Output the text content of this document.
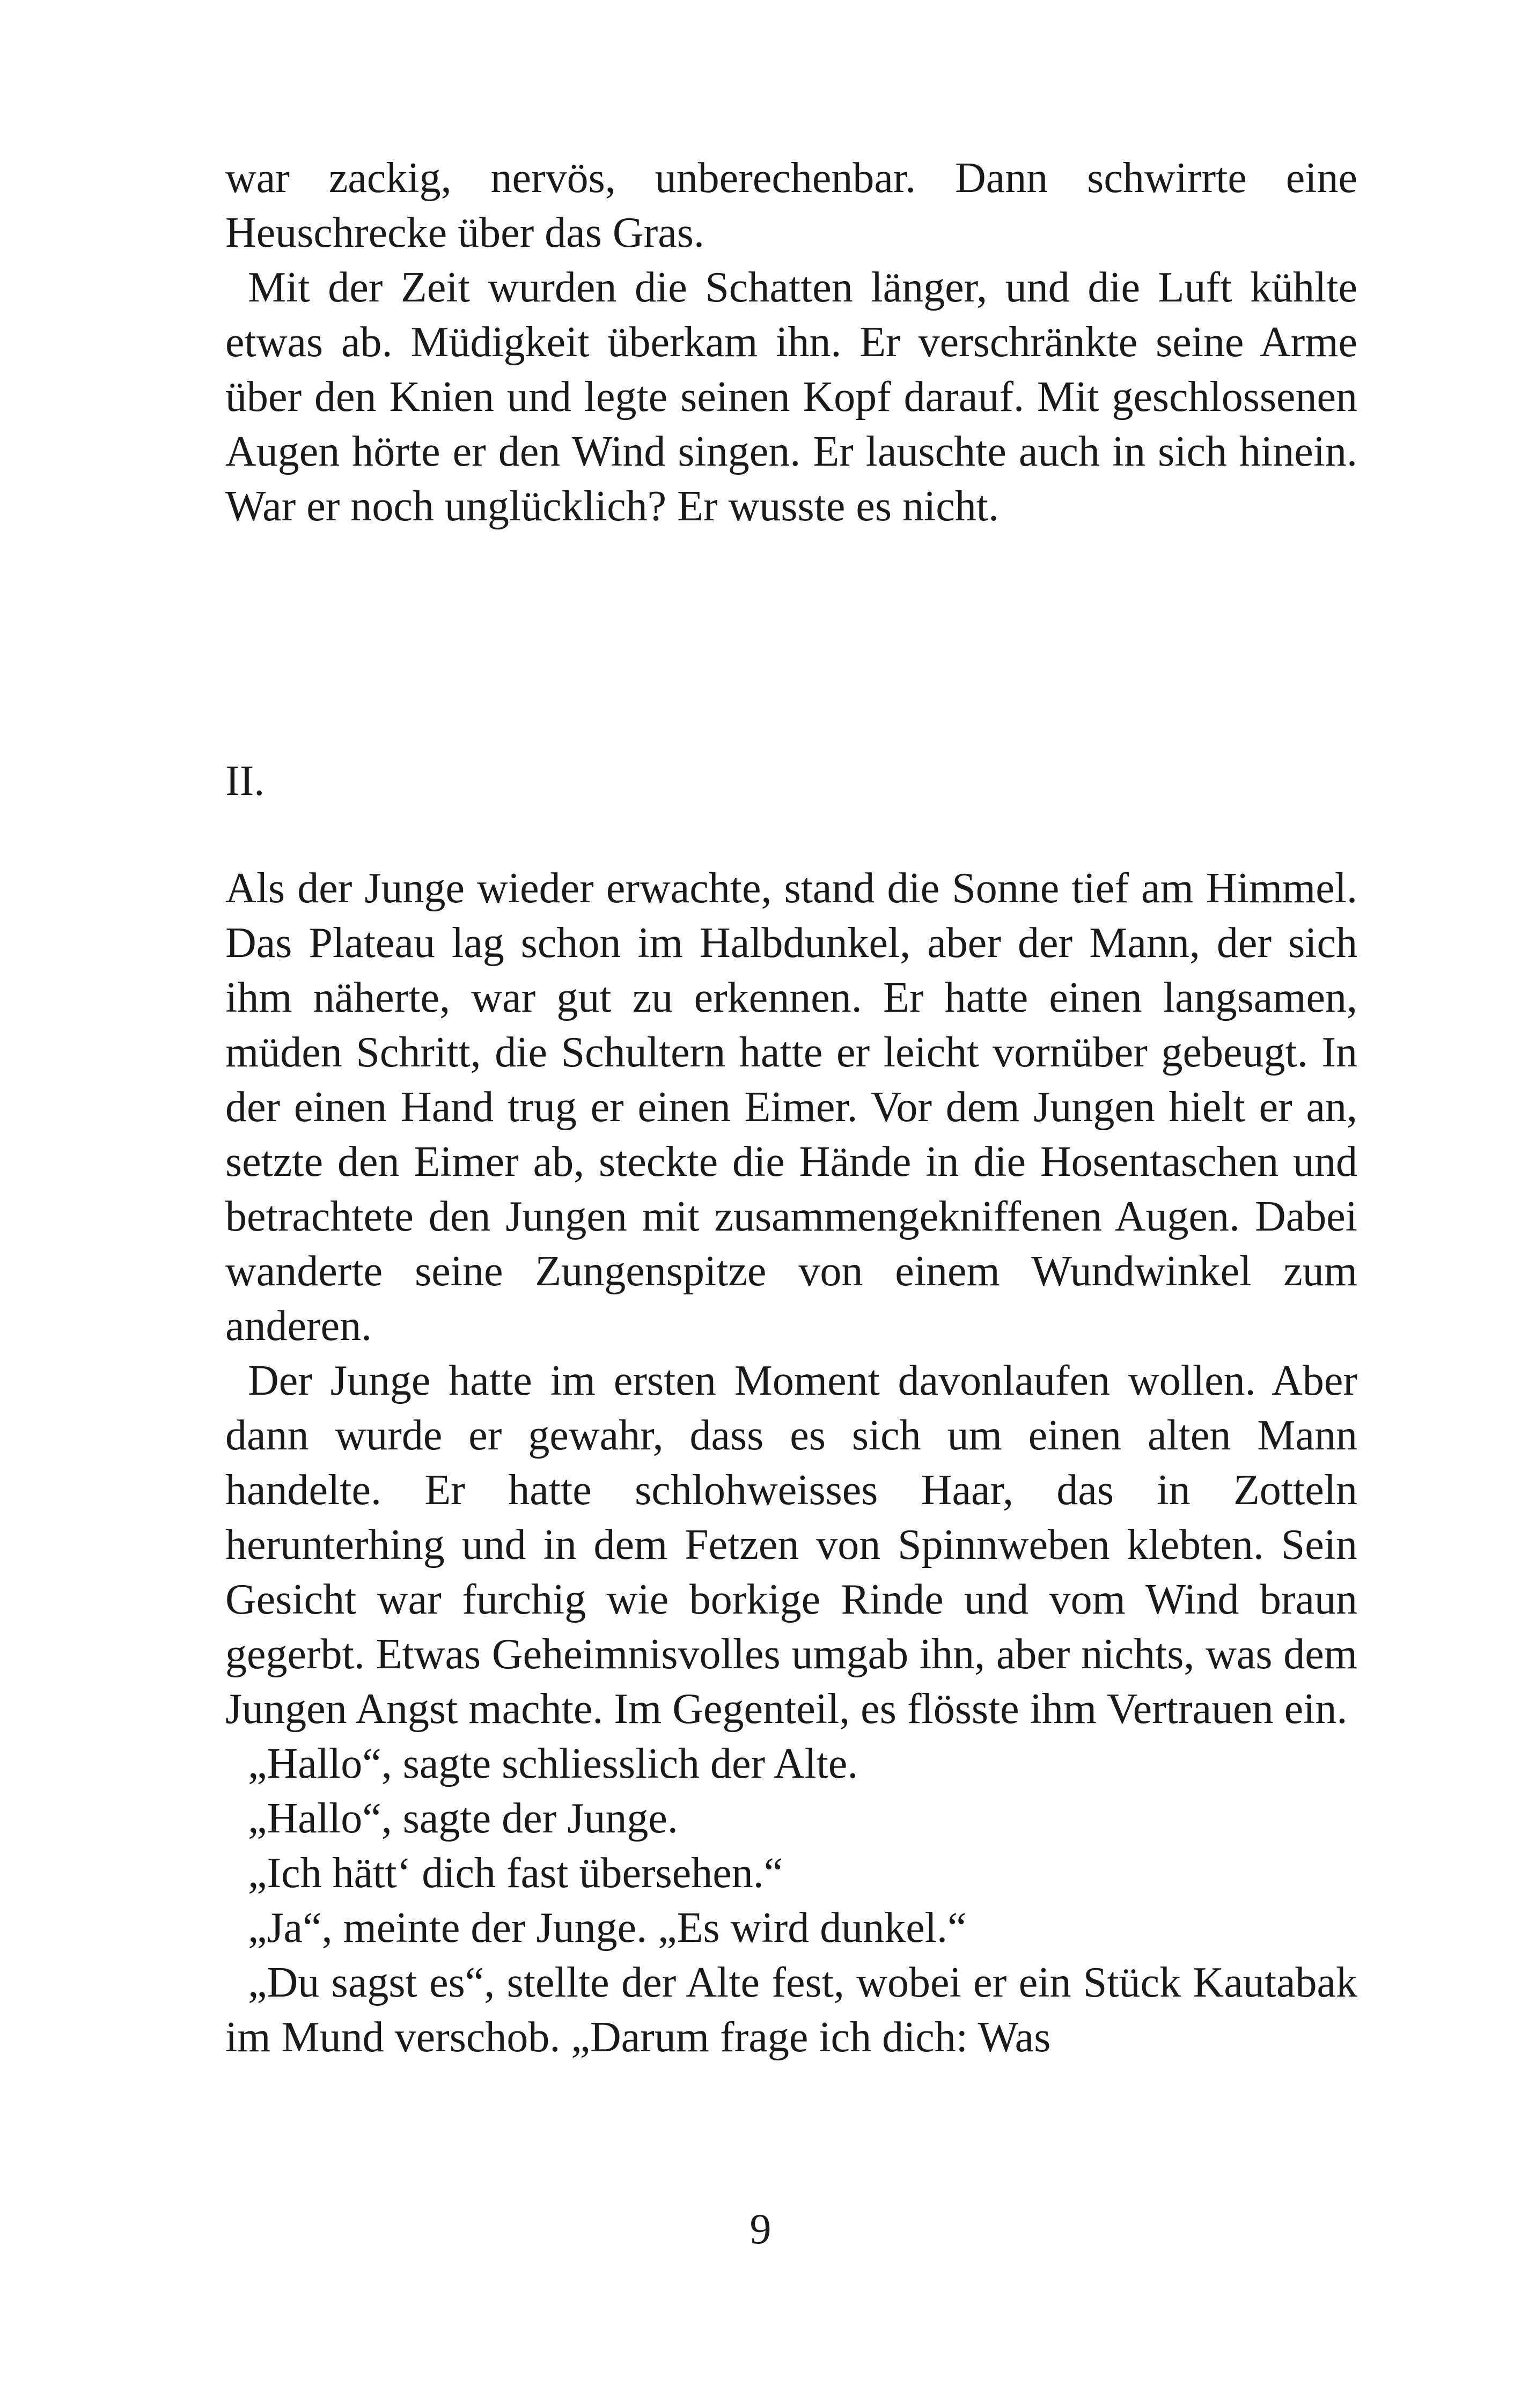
war zackig, nervös, unberechenbar. Dann schwirrte eine Heuschrecke über das Gras.

Mit der Zeit wurden die Schatten länger, und die Luft kühlte etwas ab. Müdigkeit überkam ihn. Er verschränkte seine Arme über den Knien und legte seinen Kopf darauf. Mit geschlossenen Augen hörte er den Wind singen. Er lauschte auch in sich hinein. War er noch unglücklich? Er wusste es nicht.

II.

Als der Junge wieder erwachte, stand die Sonne tief am Himmel. Das Plateau lag schon im Halbdunkel, aber der Mann, der sich ihm näherte, war gut zu erkennen. Er hatte einen langsamen, müden Schritt, die Schultern hatte er leicht vornüber gebeugt. In der einen Hand trug er einen Eimer. Vor dem Jungen hielt er an, setzte den Eimer ab, steckte die Hände in die Hosentaschen und betrachtete den Jungen mit zusammengekniffenen Augen. Dabei wanderte seine Zungenspitze von einem Wundwinkel zum anderen.

Der Junge hatte im ersten Moment davonlaufen wollen. Aber dann wurde er gewahr, dass es sich um einen alten Mann handelte. Er hatte schlohweisses Haar, das in Zotteln herunterhing und in dem Fetzen von Spinnweben klebten. Sein Gesicht war furchig wie borkige Rinde und vom Wind braun gegerbt. Etwas Geheimnisvolles umgab ihn, aber nichts, was dem Jungen Angst machte. Im Gegenteil, es flösste ihm Vertrauen ein.

„Hallo“, sagte schliesslich der Alte.

„Hallo“, sagte der Junge.

„Ich hätt‘ dich fast übersehen.“

„Ja“, meinte der Junge. „Es wird dunkel.“

„Du sagst es“, stellte der Alte fest, wobei er ein Stück Kautabak im Mund verschob. „Darum frage ich dich: Was

9
